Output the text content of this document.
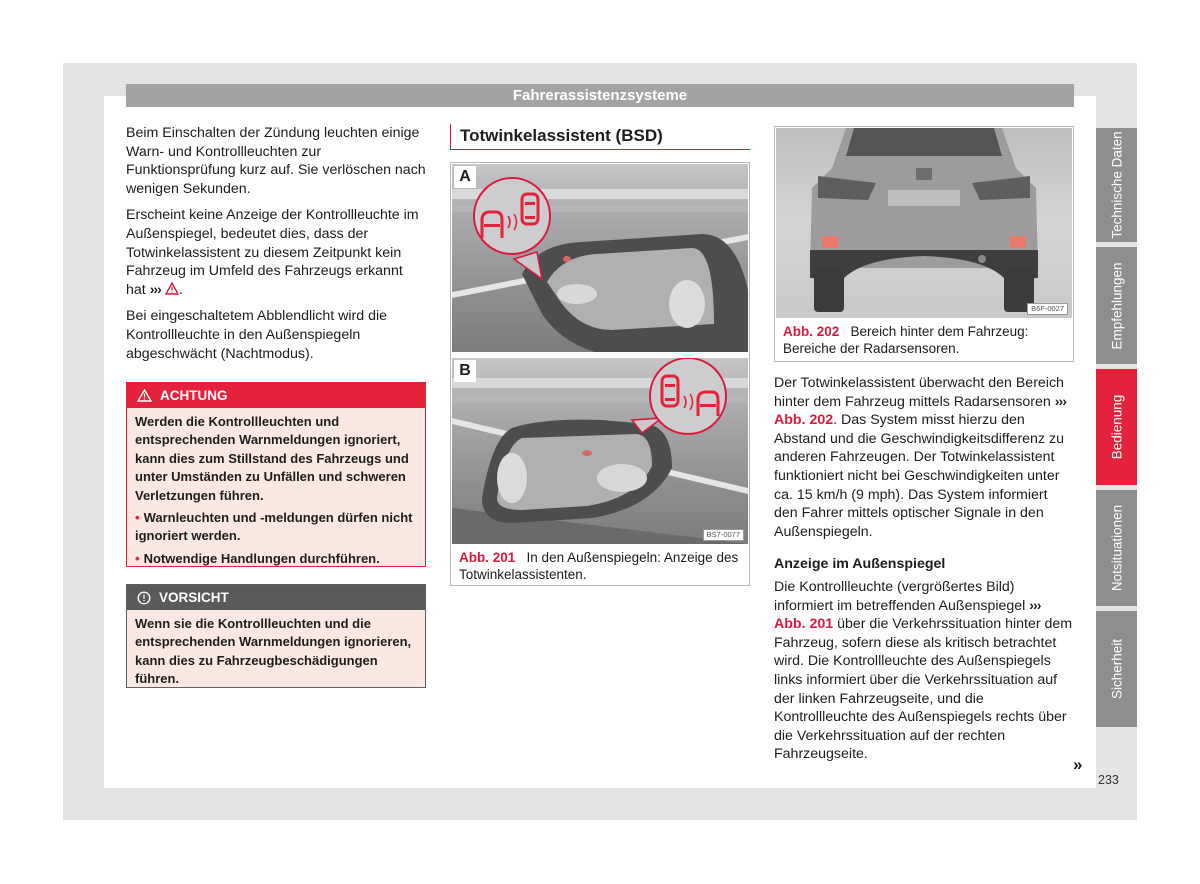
Fahrerassistenzsysteme

Beim Einschalten der Zündung leuchten einige Warn- und Kontrollleuchten zur Funktionsprüfung kurz auf. Sie verlöschen nach wenigen Sekunden.

Erscheint keine Anzeige der Kontrollleuchte im Außenspiegel, bedeutet dies, dass der Totwinkelassistent zu diesem Zeitpunkt kein Fahrzeug im Umfeld des Fahrzeugs erkannt hat ››› .

Bei eingeschaltetem Abblendlicht wird die Kontrollleuchte in den Außenspiegeln abgeschwächt (Nachtmodus).

ACHTUNG

Werden die Kontrollleuchten und entsprechenden Warnmeldungen ignoriert, kann dies zum Stillstand des Fahrzeugs und unter Umständen zu Unfällen und schweren Verletzungen führen.

• Warnleuchten und -meldungen dürfen nicht ignoriert werden.

• Notwendige Handlungen durchführen.

VORSICHT

Wenn sie die Kontrollleuchten und die entsprechenden Warnmeldungen ignorieren, kann dies zu Fahrzeugbeschädigungen führen.

Totwinkelassistent (BSD)
A
B
BS7-0077
Abb. 201 In den Außenspiegeln: Anzeige des Totwinkelassistenten.
B6F-0027
Abb. 202 Bereich hinter dem Fahrzeug: Bereiche der Radarsensoren.

Der Totwinkelassistent überwacht den Bereich hinter dem Fahrzeug mittels Radarsensoren ››› Abb. 202. Das System misst hierzu den Abstand und die Geschwindigkeitsdifferenz zu anderen Fahrzeugen. Der Totwinkelassistent funktioniert nicht bei Geschwindigkeiten unter ca. 15 km/h (9 mph). Das System informiert den Fahrer mittels optischer Signale in den Außenspiegeln.

Anzeige im Außenspiegel

Die Kontrollleuchte (vergrößertes Bild) informiert im betreffenden Außenspiegel ››› Abb. 201 über die Verkehrssituation hinter dem Fahrzeug, sofern diese als kritisch betrachtet wird. Die Kontrollleuchte des Außenspiegels links informiert über die Verkehrssituation auf der linken Fahrzeugseite, und die Kontrollleuchte des Außenspiegels rechts über die Verkehrssituation auf der rechten Fahrzeugseite.

Technische Daten
Empfehlungen
Bedienung
Notsituationen
Sicherheit
»
233
